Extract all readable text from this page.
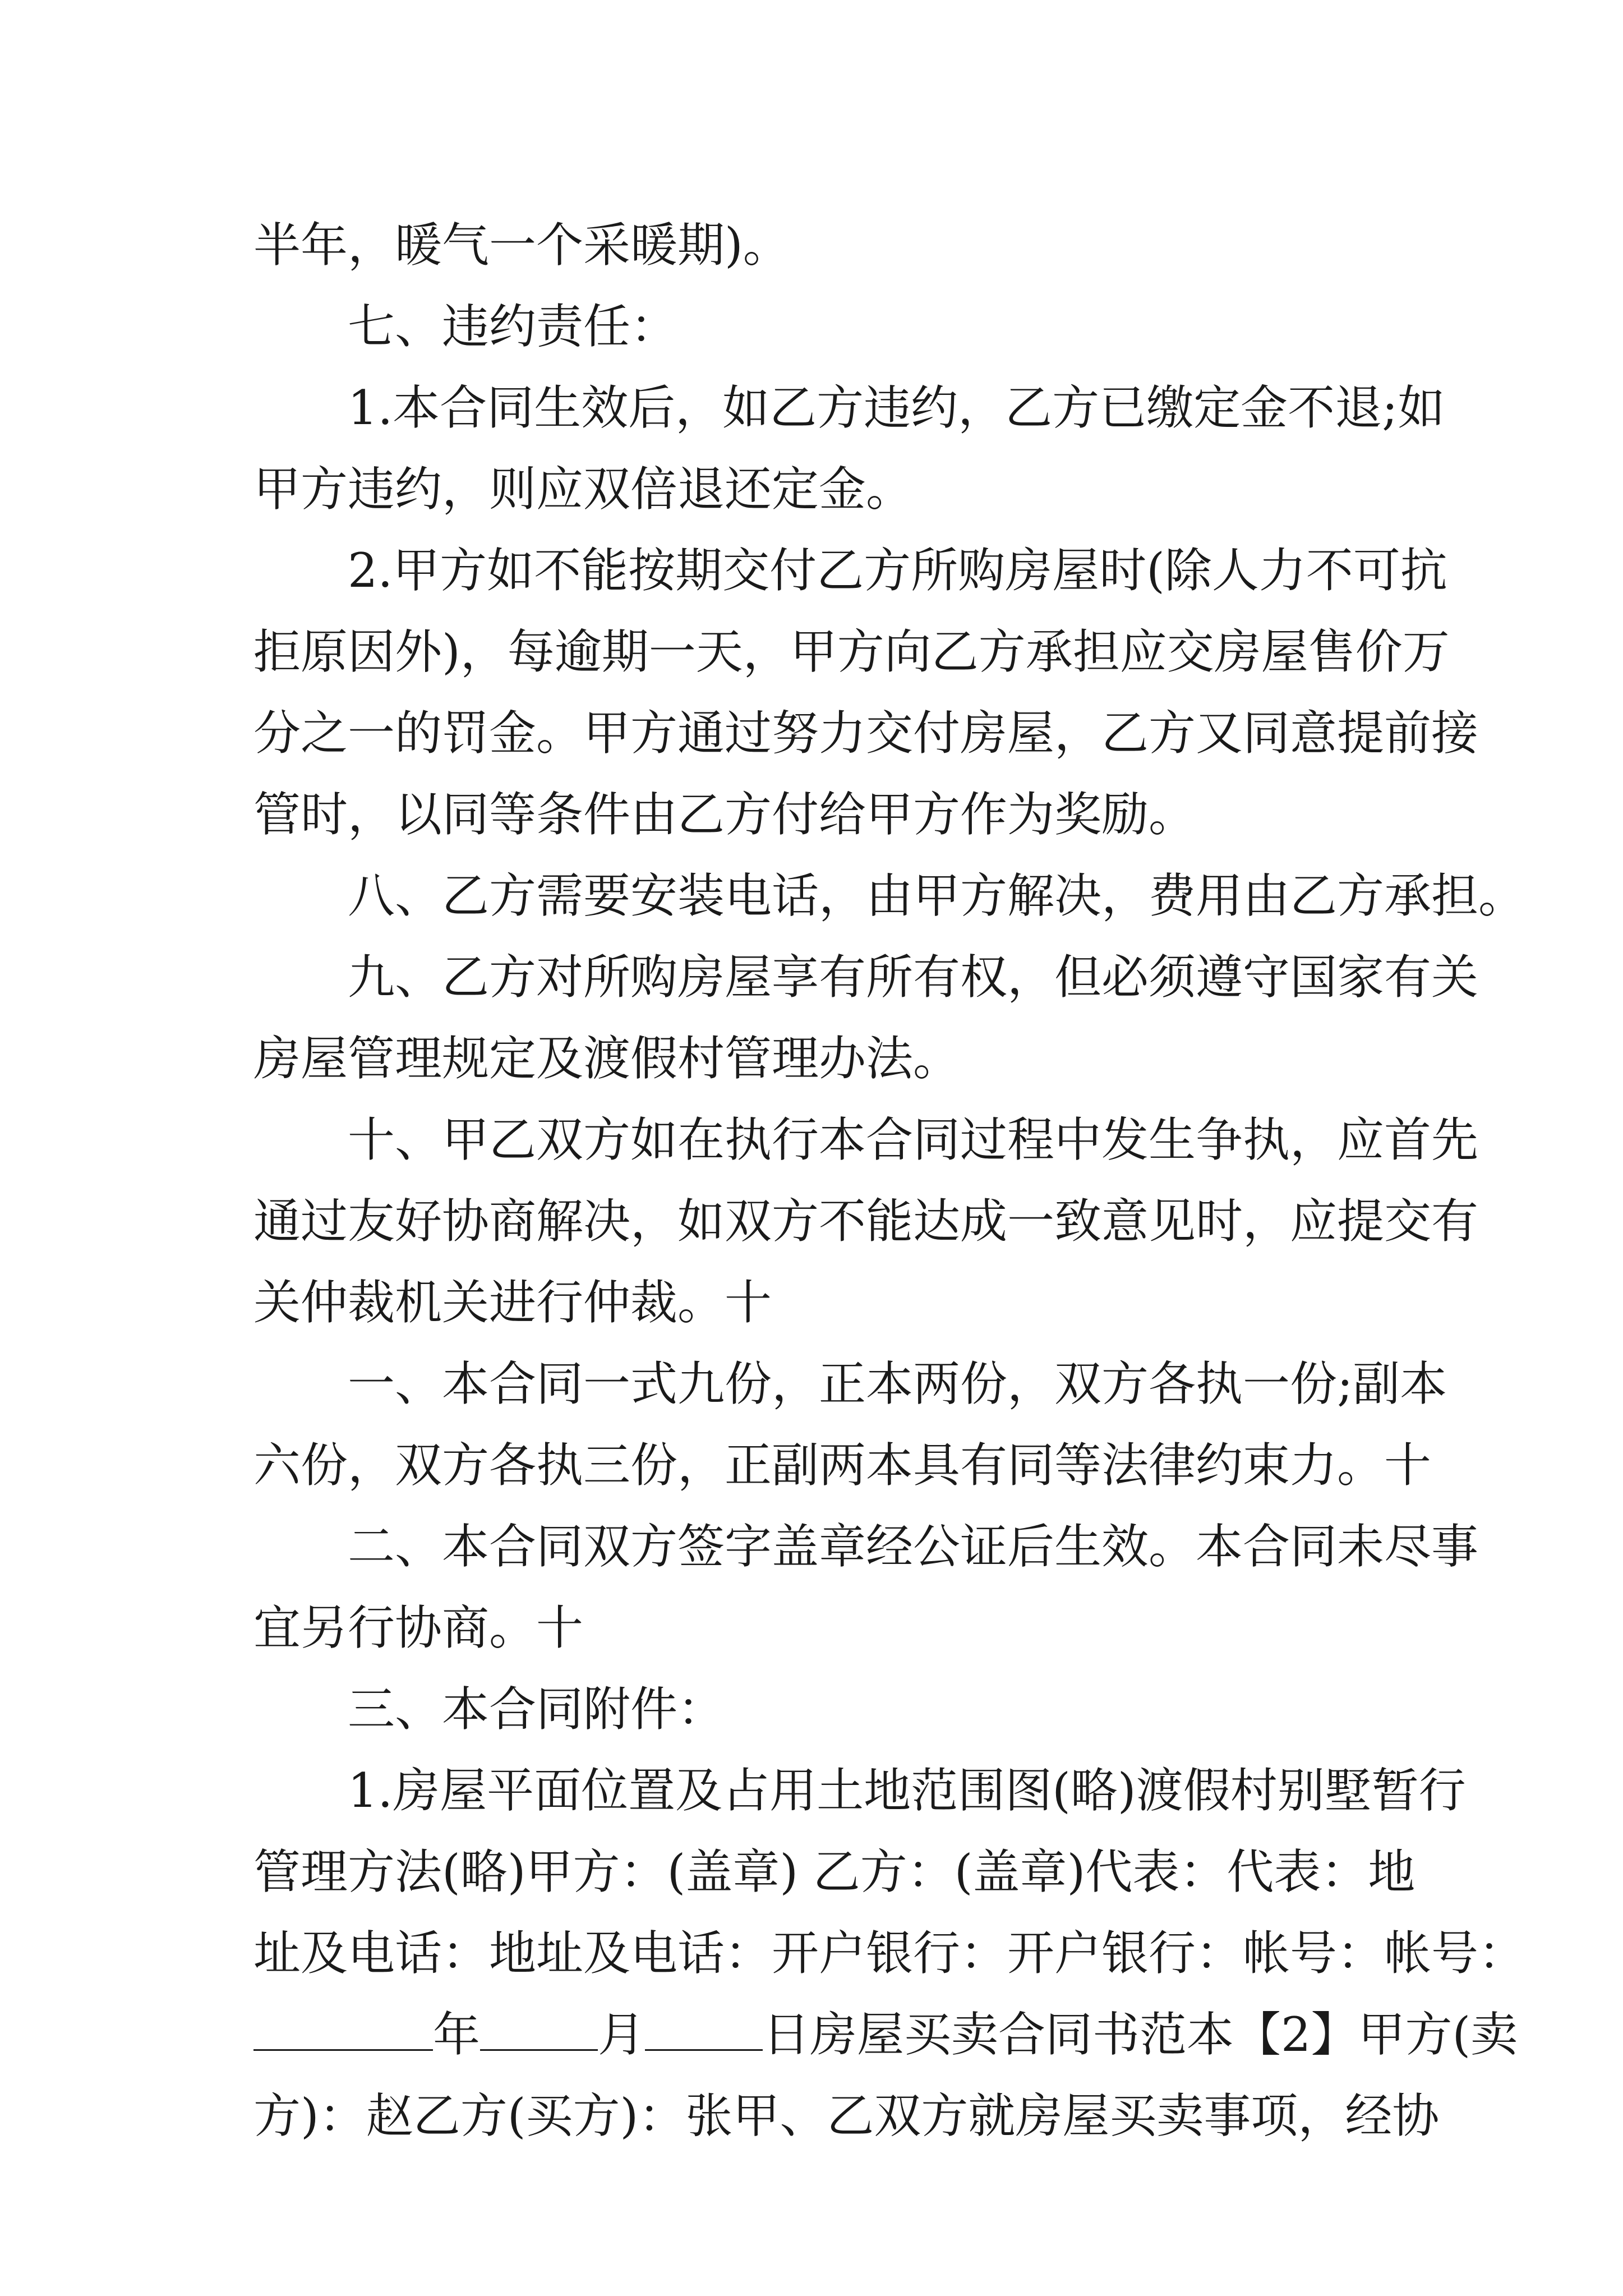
半年，暖气一个采暖期)。
七、违约责任：
1.本合同生效后，如乙方违约，乙方已缴定金不退;如
甲方违约，则应双倍退还定金。
2.甲方如不能按期交付乙方所购房屋时(除人力不可抗
拒原因外)，每逾期一天，甲方向乙方承担应交房屋售价万
分之一的罚金。甲方通过努力交付房屋，乙方又同意提前接
管时，以同等条件由乙方付给甲方作为奖励。
八、乙方需要安装电话，由甲方解决，费用由乙方承担。
九、乙方对所购房屋享有所有权，但必须遵守国家有关
房屋管理规定及渡假村管理办法。
十、甲乙双方如在执行本合同过程中发生争执，应首先
通过友好协商解决，如双方不能达成一致意见时，应提交有
关仲裁机关进行仲裁。十
一、本合同一式九份，正本两份，双方各执一份;副本
六份，双方各执三份，正副两本具有同等法律约束力。十
二、本合同双方签字盖章经公证后生效。本合同未尽事
宜另行协商。十
三、本合同附件：
1.房屋平面位置及占用土地范围图(略)渡假村别墅暂行
管理方法(略)甲方：(盖章) 乙方：(盖章)代表：代表：地
址及电话：地址及电话：开户银行：开户银行：帐号：帐号：
年	月	日房屋买卖合同书范本【2】甲方(卖
方)：赵乙方(买方)：张甲、乙双方就房屋买卖事项，经协
